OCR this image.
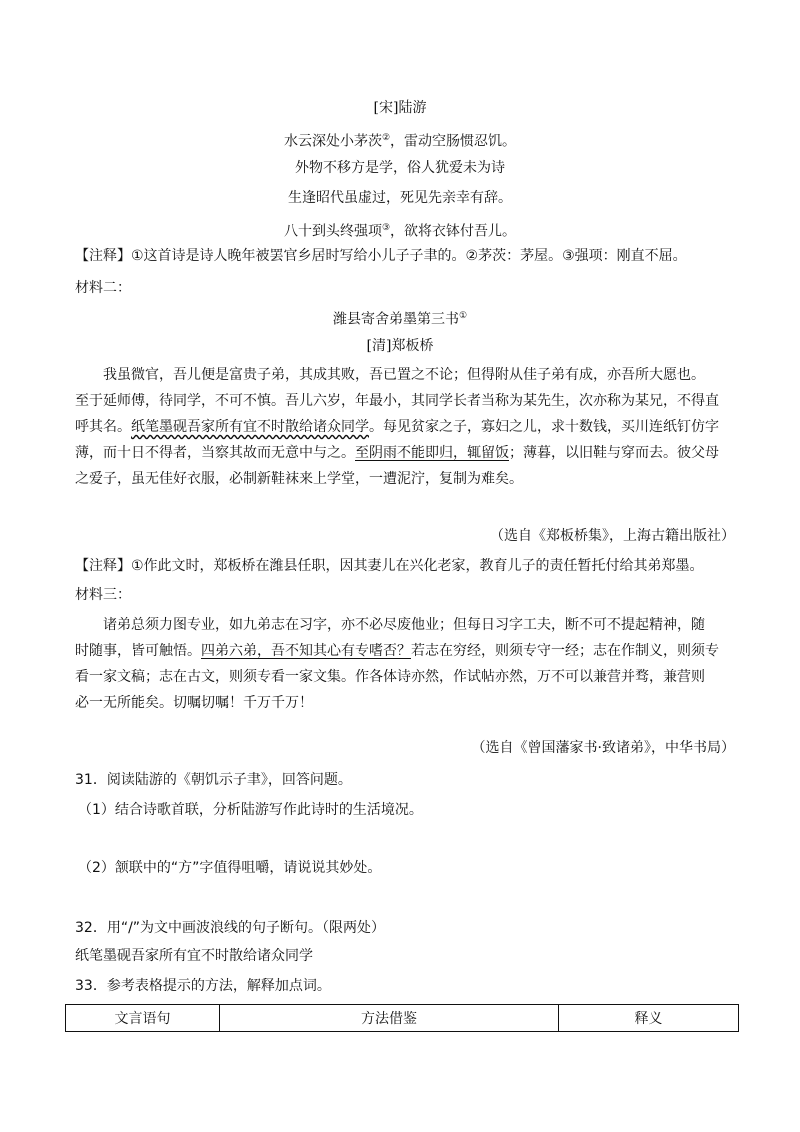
[宋]陆游
水云深处小茅茨②，雷动空肠惯忍饥。
外物不移方是学，俗人犹爱未为诗
生逢昭代虽虚过，死见先亲幸有辞。
八十到头终强项③，欲将衣钵付吾儿。
【注释】①这首诗是诗人晚年被罢官乡居时写给小儿子子聿的。②茅茨：茅屋。③强项：刚直不屈。
材料二：
潍县寄舍弟墨第三书①
[清]郑板桥
我虽微官，吾儿便是富贵子弟，其成其败，吾已置之不论；但得附从佳子弟有成，亦吾所大愿也。
至于延师傅，待同学，不可不慎。吾儿六岁，年最小，其同学长者当称为某先生，次亦称为某兄，不得直
呼其名。纸笔墨砚吾家所有宜不时散给诸众同学。每见贫家之子，寡妇之儿，求十数钱，买川连纸钉仿字
薄，而十日不得者，当察其故而无意中与之。至阴雨不能即归，辄留饭；薄暮，以旧鞋与穿而去。彼父母
之爱子，虽无佳好衣服，必制新鞋袜来上学堂，一遭泥泞，复制为难矣。
（选自《郑板桥集》，上海古籍出版社）
【注释】①作此文时，郑板桥在潍县任职，因其妻儿在兴化老家，教育儿子的责任暂托付给其弟郑墨。
材料三：
诸弟总须力图专业，如九弟志在习字，亦不必尽废他业；但每日习字工夫，断不可不提起精神，随
时随事，皆可触悟。四弟六弟，吾不知其心有专嗜否？若志在穷经，则须专守一经；志在作制义，则须专
看一家文稿；志在古文，则须专看一家文集。作各体诗亦然，作试帖亦然，万不可以兼营并骛，兼营则
必一无所能矣。切嘱切嘱！千万千万！
（选自《曾国藩家书·致诸弟》，中华书局）
31．阅读陆游的《朝饥示子聿》，回答问题。
（1）结合诗歌首联，分析陆游写作此诗时的生活境况。
（2）颔联中的“方”字值得咀嚼，请说说其妙处。
32．用“/”为文中画波浪线的句子断句。（限两处）
纸笔墨砚吾家所有宜不时散给诸众同学
33．参考表格提示的方法，解释加点词。
文言语句	方法借鉴	释义
